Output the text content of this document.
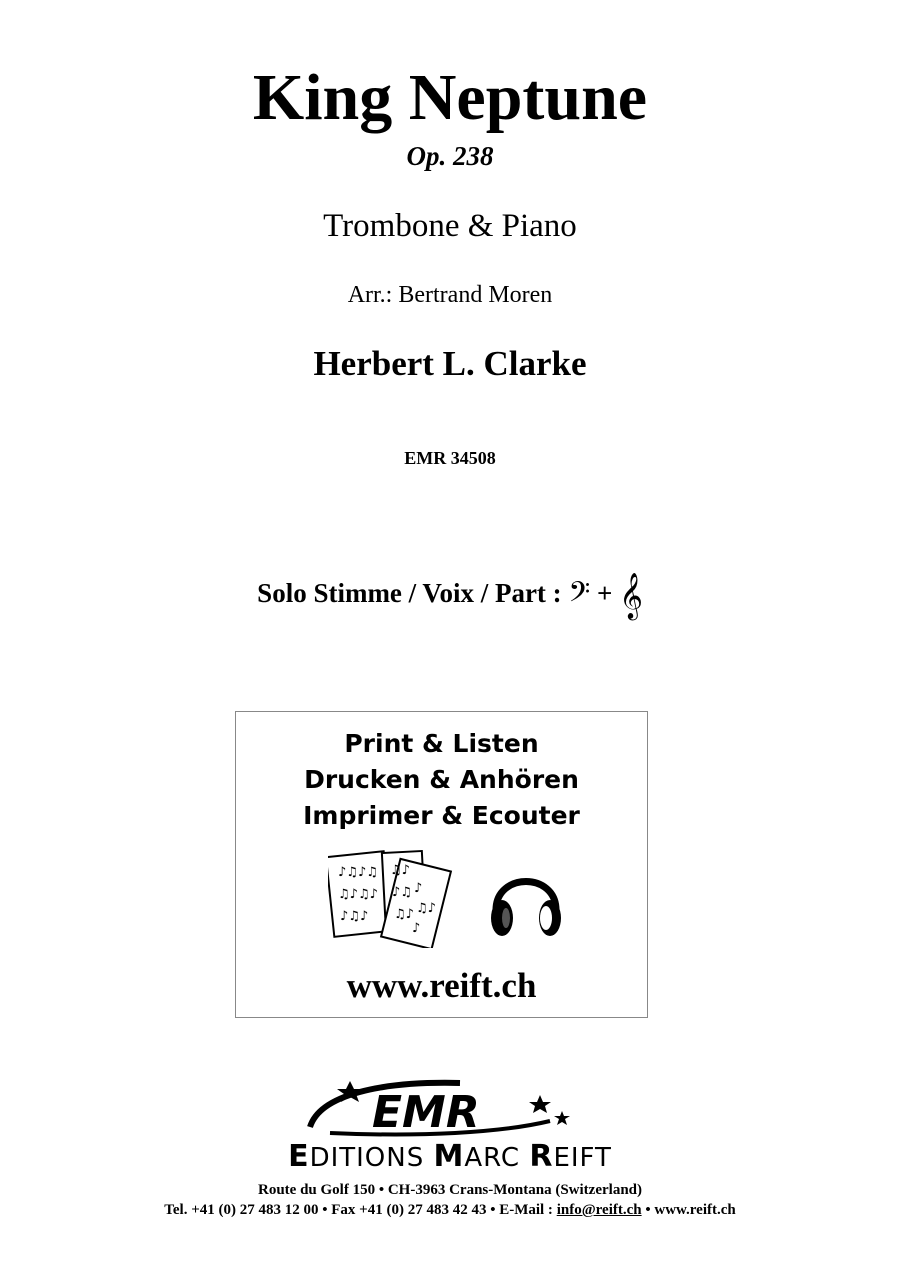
King Neptune
Op. 238
Trombone & Piano
Arr.: Bertrand Moren
Herbert L. Clarke
EMR 34508
Solo Stimme / Voix / Part : 𝄢 + 𝄞
Print & Listen
Drucken & Anhören
Imprimer & Ecouter
♪♫♪♫
♫♪♫♪
♪♫♪
♫♪
♪♫
♫♪
♪
♫♪
♪
www.reift.ch
EMR
EDITIONS MARC REIFT
Route du Golf 150 • CH-3963 Crans-Montana (Switzerland)
Tel. +41 (0) 27 483 12 00 • Fax +41 (0) 27 483 42 43 • E-Mail : info@reift.ch • www.reift.ch
